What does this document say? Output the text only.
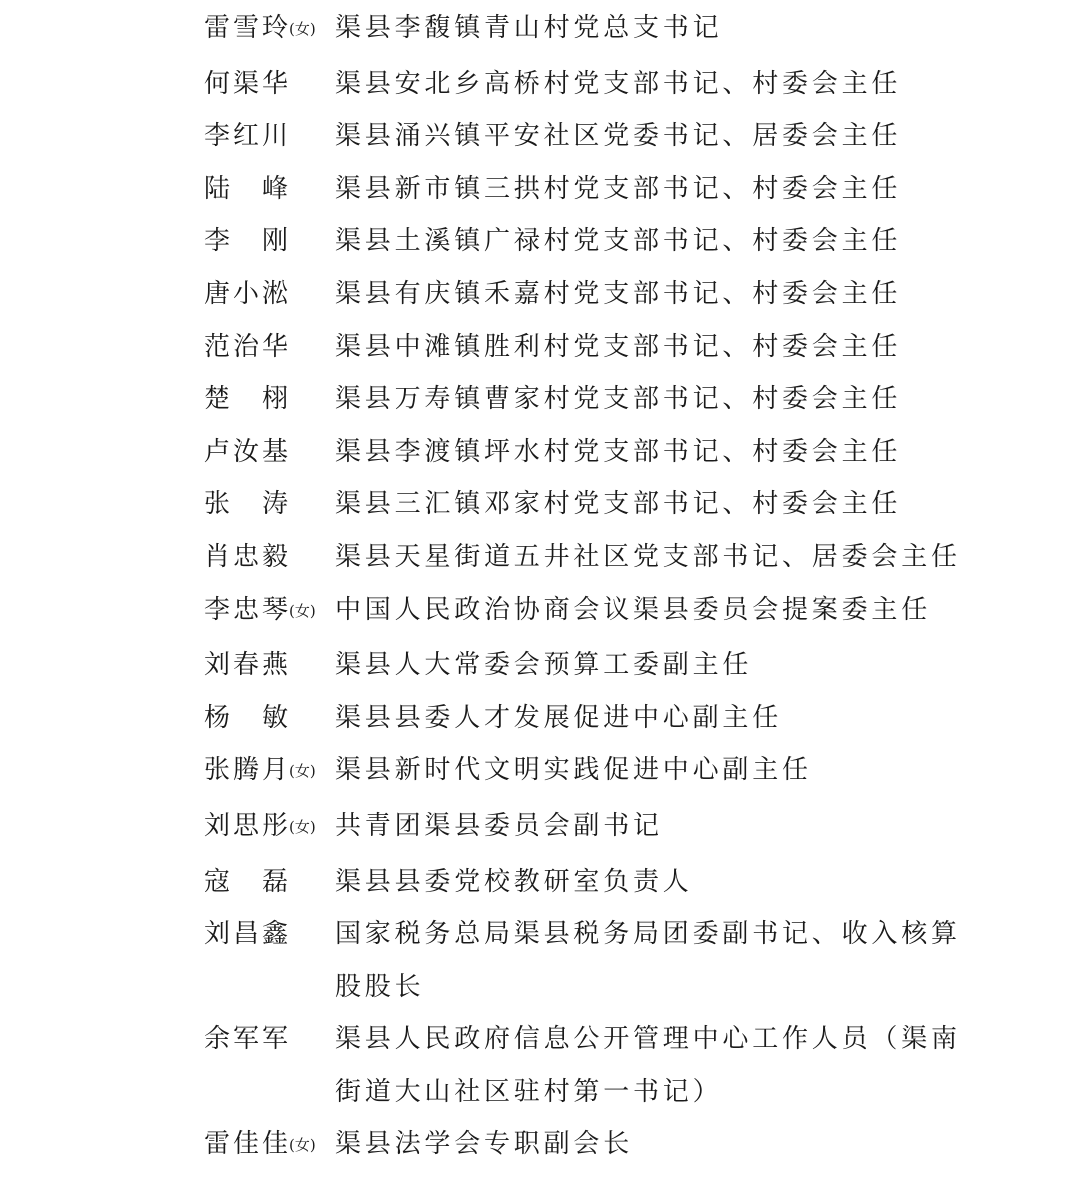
雷雪玲(女) 渠县李馥镇青山村党总支书记
何渠华	渠县安北乡高桥村党支部书记、村委会主任
李红川	渠县涌兴镇平安社区党委书记、居委会主任
陆 峰 渠县新市镇三拱村党支部书记、村委会主任
李 刚 渠县土溪镇广禄村党支部书记、村委会主任
唐小淞	渠县有庆镇禾嘉村党支部书记、村委会主任
范治华	渠县中滩镇胜利村党支部书记、村委会主任
楚 栩 渠县万寿镇曹家村党支部书记、村委会主任
卢汝基	渠县李渡镇坪水村党支部书记、村委会主任
张 涛 渠县三汇镇邓家村党支部书记、村委会主任
肖忠毅	渠县天星街道五井社区党支部书记、居委会主任
李忠琴(女) 中国人民政治协商会议渠县委员会提案委主任
刘春燕	渠县人大常委会预算工委副主任
杨 敏 渠县县委人才发展促进中心副主任
张腾月(女) 渠县新时代文明实践促进中心副主任
刘思彤(女) 共青团渠县委员会副书记
寇 磊 渠县县委党校教研室负责人
刘昌鑫	国家税务总局渠县税务局团委副书记、收入核算
股股长
余军军	渠县人民政府信息公开管理中心工作人员（渠南
街道大山社区驻村第一书记）
雷佳佳(女) 渠县法学会专职副会长
